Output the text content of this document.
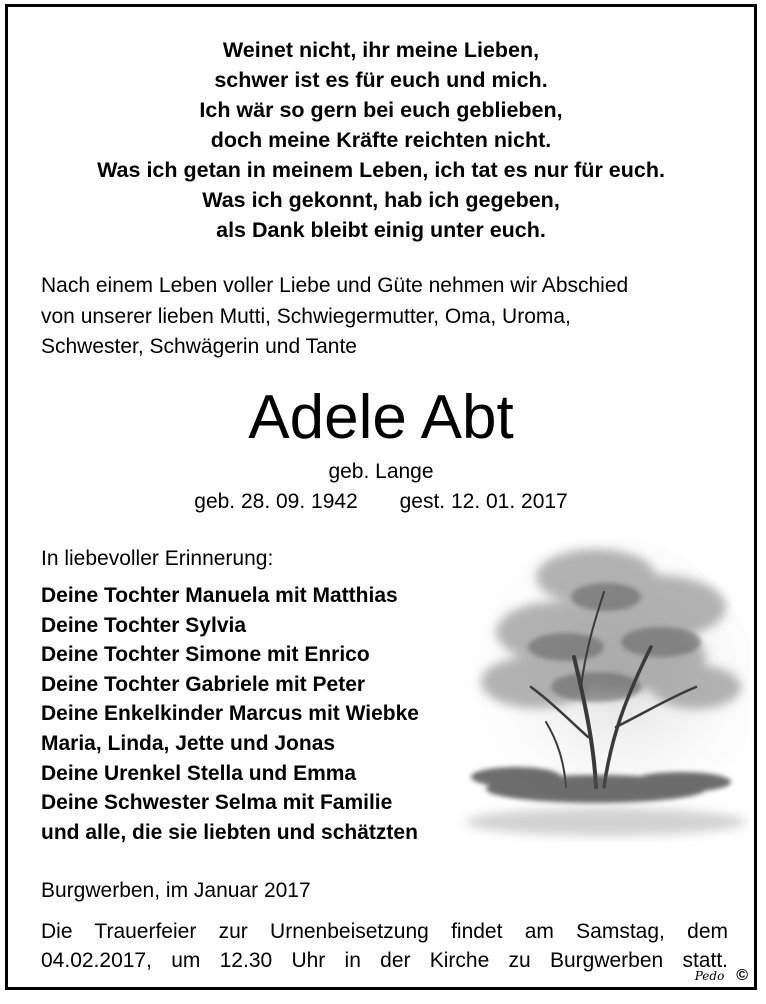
Weinet nicht, ihr meine Lieben,
schwer ist es für euch und mich.
Ich wär so gern bei euch geblieben,
doch meine Kräfte reichten nicht.
Was ich getan in meinem Leben, ich tat es nur für euch.
Was ich gekonnt, hab ich gegeben,
als Dank bleibt einig unter euch.
Nach einem Leben voller Liebe und Güte nehmen wir Abschied
von unserer lieben Mutti, Schwiegermutter, Oma, Uroma,
Schwester, Schwägerin und Tante
Adele Abt
geb. Lange
geb. 28. 09. 1942 gest. 12. 01. 2017
In liebevoller Erinnerung:
Deine Tochter Manuela mit Matthias
Deine Tochter Sylvia
Deine Tochter Simone mit Enrico
Deine Tochter Gabriele mit Peter
Deine Enkelkinder Marcus mit Wiebke
Maria, Linda, Jette und Jonas
Deine Urenkel Stella und Emma
Deine Schwester Selma mit Familie
und alle, die sie liebten und schätzten
Burgwerben, im Januar 2017
Die Trauerfeier zur Urnenbeisetzung findet am Samstag, dem 04.02.2017, um 12.30 Uhr in der Kirche zu Burgwerben statt.
Pedo ©
